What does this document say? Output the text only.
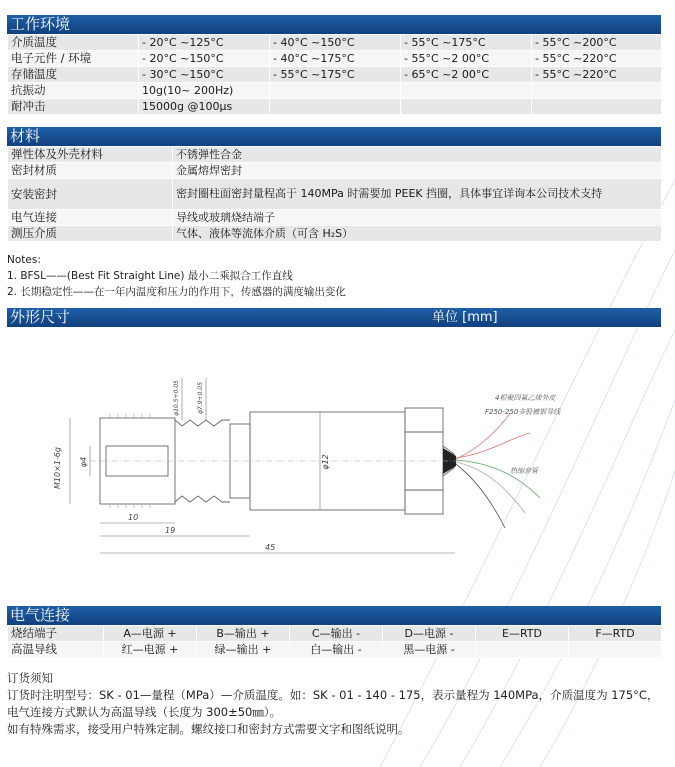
工作环境
介质温度	- 20°C ~125°C	- 40°C ~150°C	- 55°C ~175°C	- 55°C ~200°C
电子元件 / 环境	- 20°C ~150°C	- 40°C ~175°C	- 55°C ~2 00°C	- 55°C ~220°C
存储温度	- 30°C ~150°C	- 55°C ~175°C	- 65°C ~2 00°C	- 55°C ~220°C
抗振动	10g(10~ 200Hz)			
耐冲击	15000g @100μs			
材料
弹性体及外壳材料	不锈弹性合金
密封材质	金属熔焊密封
安装密封	密封圈柱面密封量程高于 140MPa 时需要加 PEEK 挡圈，具体事宜详询本公司技术支持
电气连接	导线或玻璃烧结端子
测压介质	气体、液体等流体介质（可含 H₂S）
Notes:
1. BFSL——(Best Fit Straight Line) 最小二乘拟合工作直线
2. 长期稳定性——在一年内温度和压力的作用下，传感器的满度输出变化
外形尺寸	单位 [mm]
M10×1-6g φ4	φ12
φ10.5+0.05	φ7.9+0.05
10
19
45
4根聚四氟乙烯外皮
F250-250多股镀银导线
热缩套管
电气连接
烧结端子	A—电源 +	B—输出 +	C—输出 -	D—电源 -	E—RTD	F—RTD
高温导线	红—电源 +	绿—输出 +	白—输出 -	黑—电源 -		
订货须知
订货时注明型号：SK - 01—量程（MPa）—介质温度。如：SK - 01 - 140 - 175，表示量程为 140MPa，介质温度为 175°C，电气连接方式默认为高温导线（长度为 300±50㎜）。
如有特殊需求，接受用户特殊定制。螺纹接口和密封方式需要文字和图纸说明。
